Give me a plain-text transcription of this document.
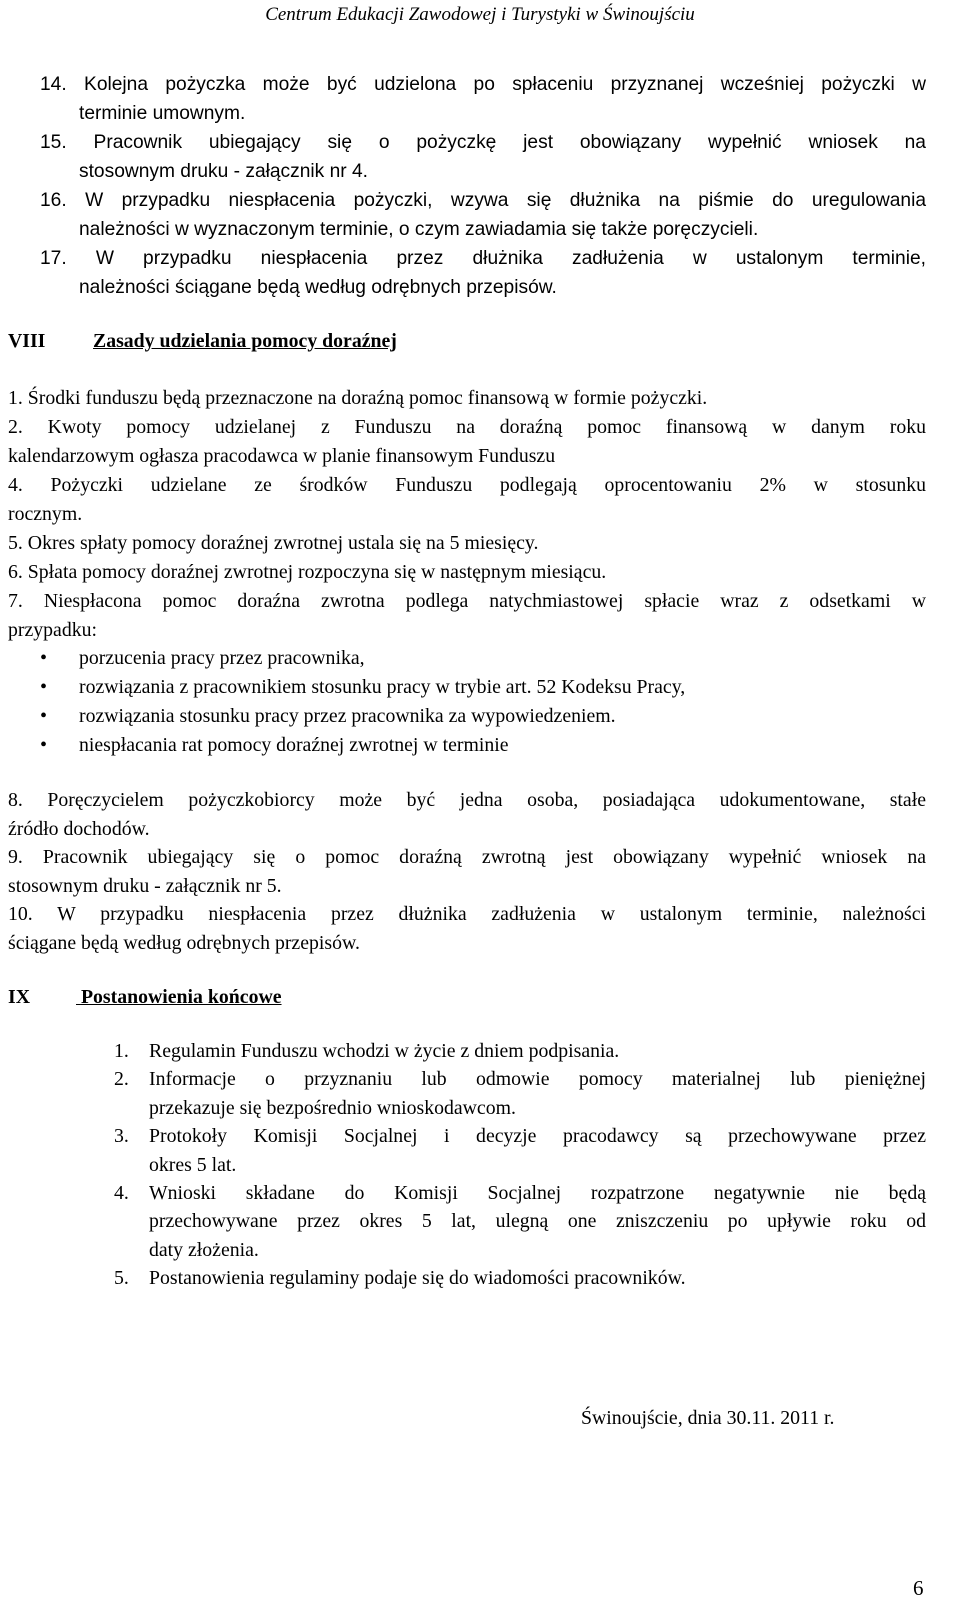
Centrum Edukacji Zawodowej i Turystyki w Świnoujściu
14. Kolejna pożyczka może być udzielona po spłaceniu przyznanej wcześniej pożyczki w
terminie umownym.
15. Pracownik ubiegający się o pożyczkę jest obowiązany wypełnić wniosek na
stosownym druku - załącznik nr 4.
16. W przypadku niespłacenia pożyczki, wzywa się dłużnika na piśmie do uregulowania
należności w wyznaczonym terminie, o czym zawiadamia się także poręczycieli.
17. W przypadku niespłacenia przez dłużnika zadłużenia w ustalonym terminie,
należności ściągane będą według odrębnych przepisów.
VIII Zasady udzielania pomocy doraźnej
1. Środki funduszu będą przeznaczone na doraźną pomoc finansową w formie pożyczki.
2. Kwoty pomocy udzielanej z Funduszu na doraźną pomoc finansową w danym roku
kalendarzowym ogłasza pracodawca w planie finansowym Funduszu
4. Pożyczki udzielane ze środków Funduszu podlegają oprocentowaniu 2% w stosunku
rocznym.
5. Okres spłaty pomocy doraźnej zwrotnej ustala się na 5 miesięcy.
6. Spłata pomocy doraźnej zwrotnej rozpoczyna się w następnym miesiącu.
7. Niespłacona pomoc doraźna zwrotna podlega natychmiastowej spłacie wraz z odsetkami w
przypadku:
• porzucenia pracy przez pracownika,
• rozwiązania z pracownikiem stosunku pracy w trybie art. 52 Kodeksu Pracy,
• rozwiązania stosunku pracy przez pracownika za wypowiedzeniem.
• niespłacania rat pomocy doraźnej zwrotnej w terminie
8. Poręczycielem pożyczkobiorcy może być jedna osoba, posiadająca udokumentowane, stałe
źródło dochodów.
9. Pracownik ubiegający się o pomoc doraźną zwrotną jest obowiązany wypełnić wniosek na
stosownym druku - załącznik nr 5.
10. W przypadku niespłacenia przez dłużnika zadłużenia w ustalonym terminie, należności
ściągane będą według odrębnych przepisów.
IX	Postanowienia końcowe
1. Regulamin Funduszu wchodzi w życie z dniem podpisania.
2. Informacje o przyznaniu lub odmowie pomocy materialnej lub pieniężnej
przekazuje się bezpośrednio wnioskodawcom.
3. Protokoły Komisji Socjalnej i decyzje pracodawcy są przechowywane przez
okres 5 lat.
4. Wnioski składane do Komisji Socjalnej rozpatrzone negatywnie nie będą
przechowywane przez okres 5 lat, ulegną one zniszczeniu po upływie roku od
daty złożenia.
5. Postanowienia regulaminy podaje się do wiadomości pracowników.
Świnoujście, dnia 30.11. 2011 r.
6
